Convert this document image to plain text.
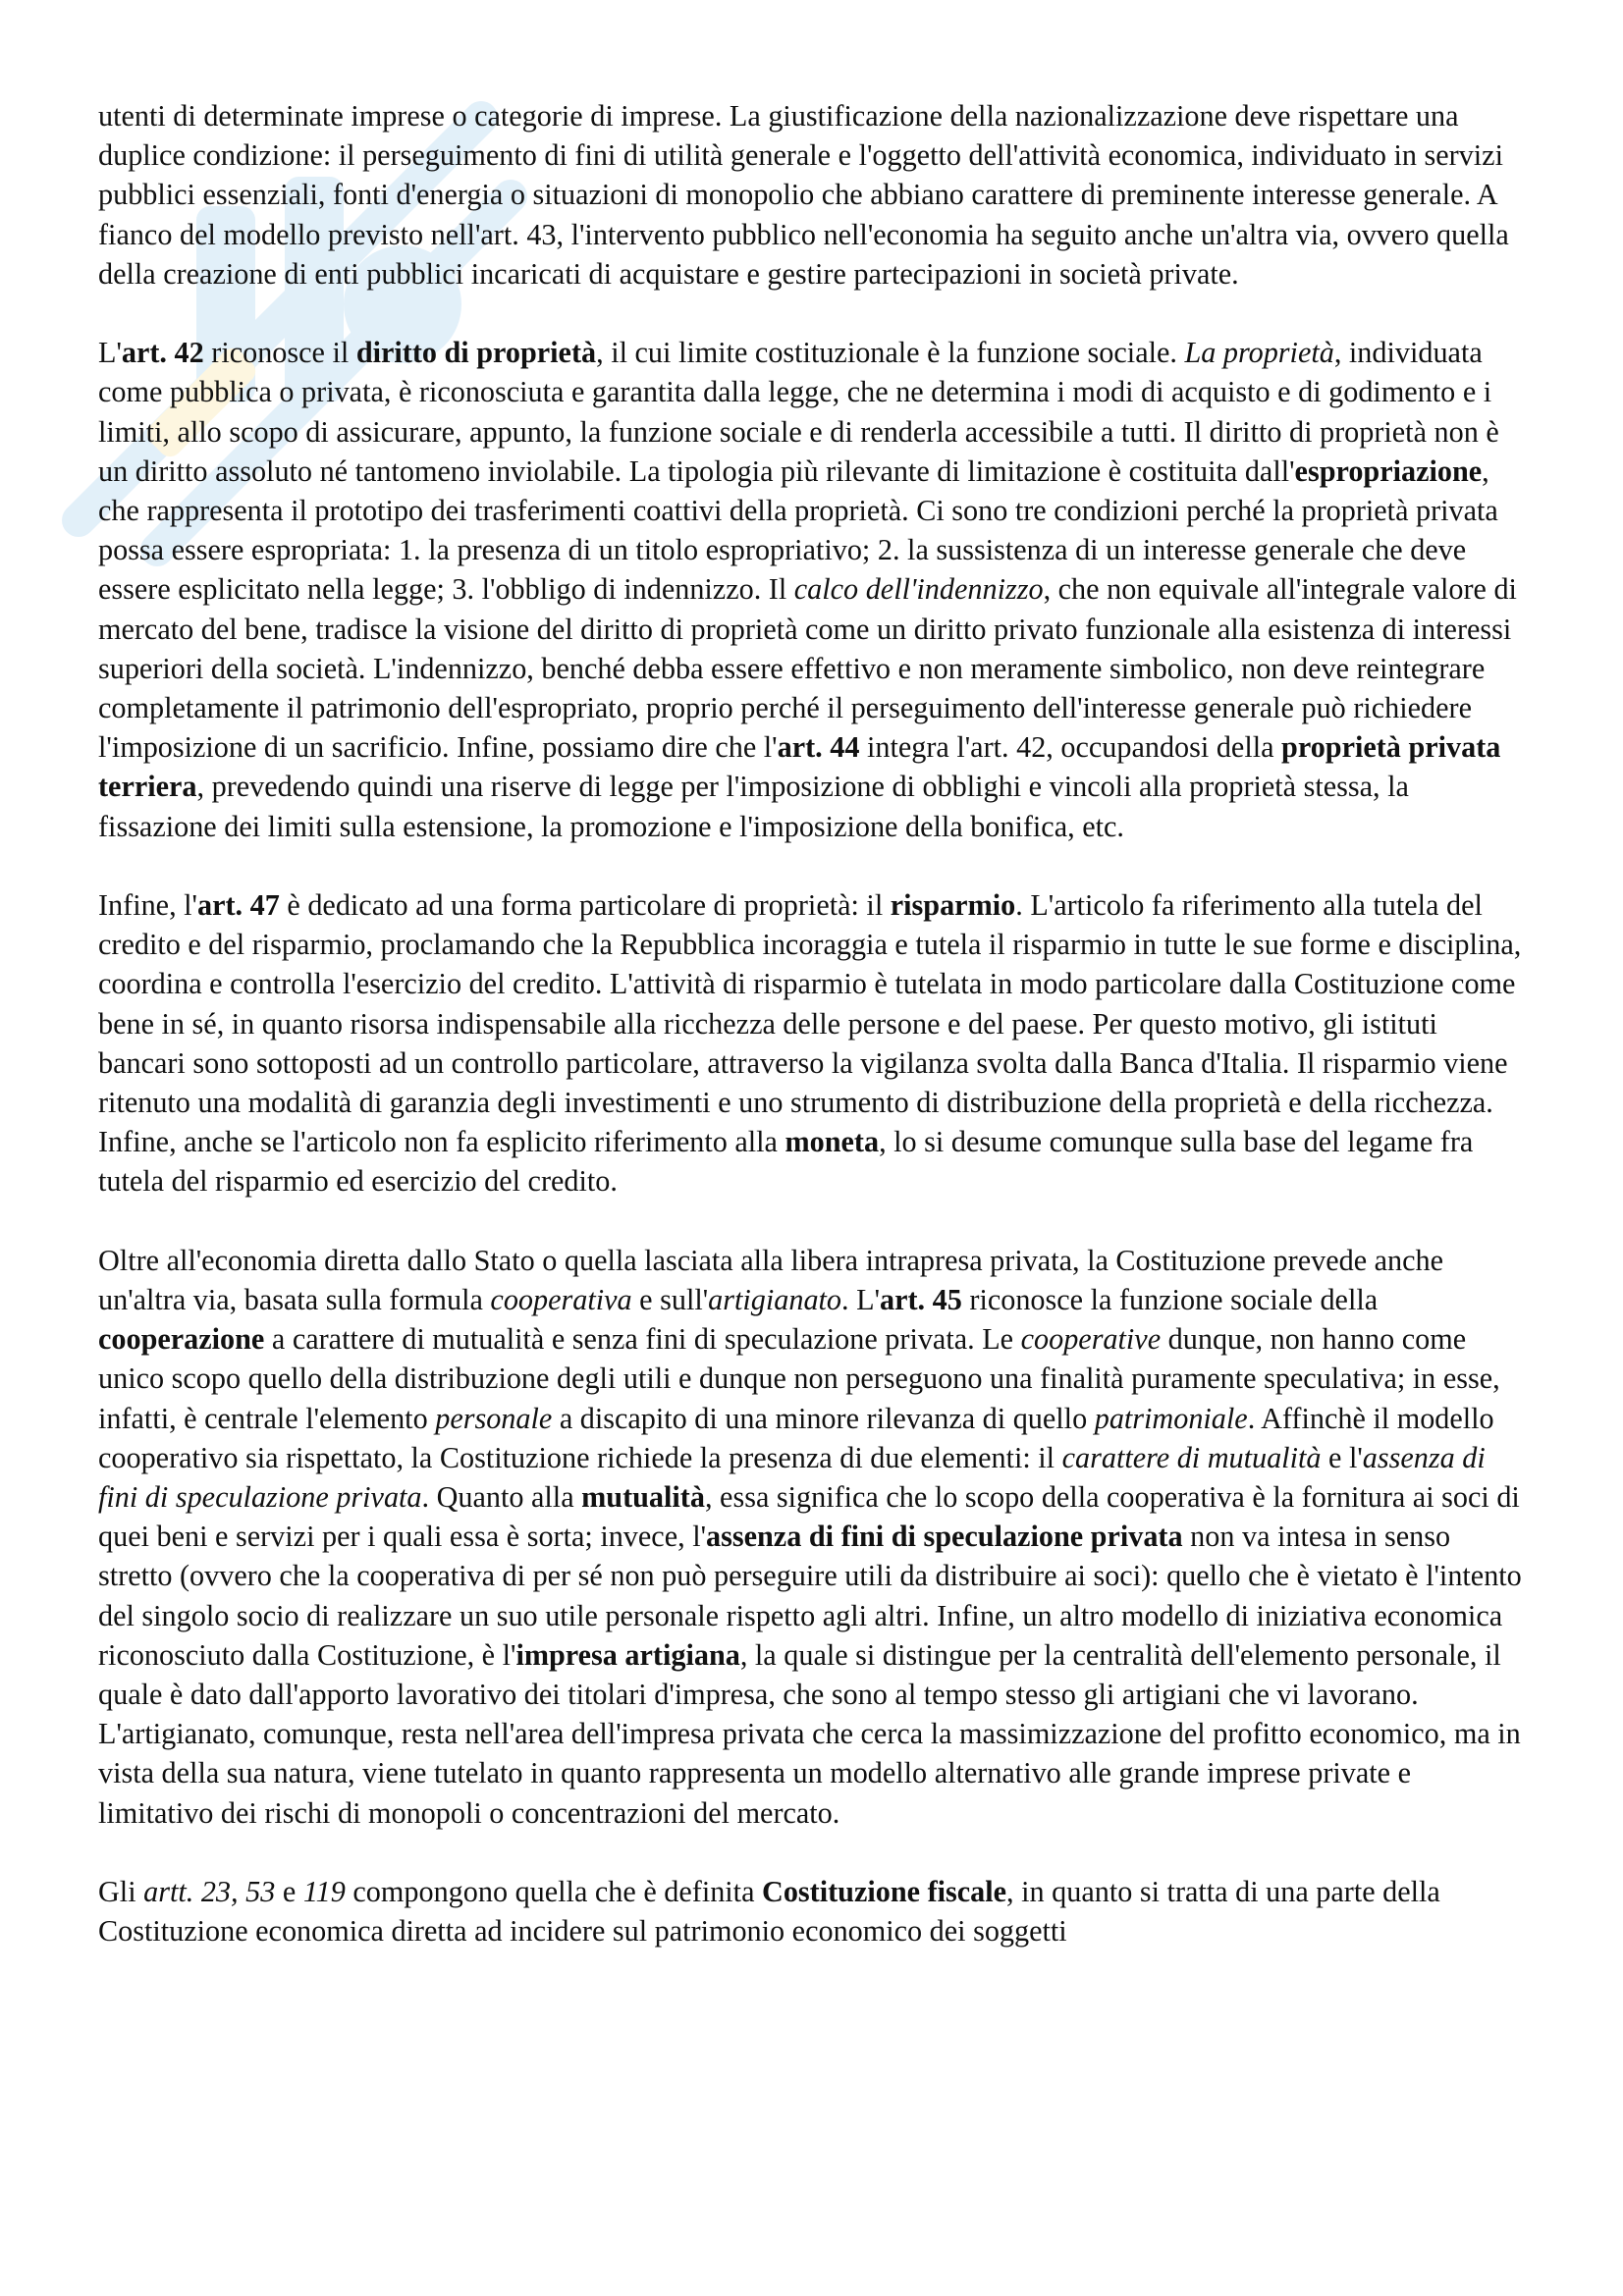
utenti di determinate imprese o categorie di imprese. La giustificazione della nazionalizzazione deve rispettare una duplice condizione: il perseguimento di fini di utilità generale e l'oggetto dell'attività economica, individuato in servizi pubblici essenziali, fonti d'energia o situazioni di monopolio che abbiano carattere di preminente interesse generale. A fianco del modello previsto nell'art. 43, l'intervento pubblico nell'economia ha seguito anche un'altra via, ovvero quella della creazione di enti pubblici incaricati di acquistare e gestire partecipazioni in società private.

L'art. 42 riconosce il diritto di proprietà, il cui limite costituzionale è la funzione sociale. La proprietà, individuata come pubblica o privata, è riconosciuta e garantita dalla legge, che ne determina i modi di acquisto e di godimento e i limiti, allo scopo di assicurare, appunto, la funzione sociale e di renderla accessibile a tutti. Il diritto di proprietà non è un diritto assoluto né tantomeno inviolabile. La tipologia più rilevante di limitazione è costituita dall'espropriazione, che rappresenta il prototipo dei trasferimenti coattivi della proprietà. Ci sono tre condizioni perché la proprietà privata possa essere espropriata: 1. la presenza di un titolo espropriativo; 2. la sussistenza di un interesse generale che deve essere esplicitato nella legge; 3. l'obbligo di indennizzo. Il calco dell'indennizzo, che non equivale all'integrale valore di mercato del bene, tradisce la visione del diritto di proprietà come un diritto privato funzionale alla esistenza di interessi superiori della società. L'indennizzo, benché debba essere effettivo e non meramente simbolico, non deve reintegrare completamente il patrimonio dell'espropriato, proprio perché il perseguimento dell'interesse generale può richiedere l'imposizione di un sacrificio. Infine, possiamo dire che l'art. 44 integra l'art. 42, occupandosi della proprietà privata terriera, prevedendo quindi una riserve di legge per l'imposizione di obblighi e vincoli alla proprietà stessa, la fissazione dei limiti sulla estensione, la promozione e l'imposizione della bonifica, etc.

Infine, l'art. 47 è dedicato ad una forma particolare di proprietà: il risparmio. L'articolo fa riferimento alla tutela del credito e del risparmio, proclamando che la Repubblica incoraggia e tutela il risparmio in tutte le sue forme e disciplina, coordina e controlla l'esercizio del credito. L'attività di risparmio è tutelata in modo particolare dalla Costituzione come bene in sé, in quanto risorsa indispensabile alla ricchezza delle persone e del paese. Per questo motivo, gli istituti bancari sono sottoposti ad un controllo particolare, attraverso la vigilanza svolta dalla Banca d'Italia. Il risparmio viene ritenuto una modalità di garanzia degli investimenti e uno strumento di distribuzione della proprietà e della ricchezza. Infine, anche se l'articolo non fa esplicito riferimento alla moneta, lo si desume comunque sulla base del legame fra tutela del risparmio ed esercizio del credito.

Oltre all'economia diretta dallo Stato o quella lasciata alla libera intrapresa privata, la Costituzione prevede anche un'altra via, basata sulla formula cooperativa e sull'artigianato. L'art. 45 riconosce la funzione sociale della cooperazione a carattere di mutualità e senza fini di speculazione privata. Le cooperative dunque, non hanno come unico scopo quello della distribuzione degli utili e dunque non perseguono una finalità puramente speculativa; in esse, infatti, è centrale l'elemento personale a discapito di una minore rilevanza di quello patrimoniale. Affinchè il modello cooperativo sia rispettato, la Costituzione richiede la presenza di due elementi: il carattere di mutualità e l'assenza di fini di speculazione privata. Quanto alla mutualità, essa significa che lo scopo della cooperativa è la fornitura ai soci di quei beni e servizi per i quali essa è sorta; invece, l'assenza di fini di speculazione privata non va intesa in senso stretto (ovvero che la cooperativa di per sé non può perseguire utili da distribuire ai soci): quello che è vietato è l'intento del singolo socio di realizzare un suo utile personale rispetto agli altri. Infine, un altro modello di iniziativa economica riconosciuto dalla Costituzione, è l'impresa artigiana, la quale si distingue per la centralità dell'elemento personale, il quale è dato dall'apporto lavorativo dei titolari d'impresa, che sono al tempo stesso gli artigiani che vi lavorano. L'artigianato, comunque, resta nell'area dell'impresa privata che cerca la massimizzazione del profitto economico, ma in vista della sua natura, viene tutelato in quanto rappresenta un modello alternativo alle grande imprese private e limitativo dei rischi di monopoli o concentrazioni del mercato.

Gli artt. 23, 53 e 119 compongono quella che è definita Costituzione fiscale, in quanto si tratta di una parte della Costituzione economica diretta ad incidere sul patrimonio economico dei soggetti
